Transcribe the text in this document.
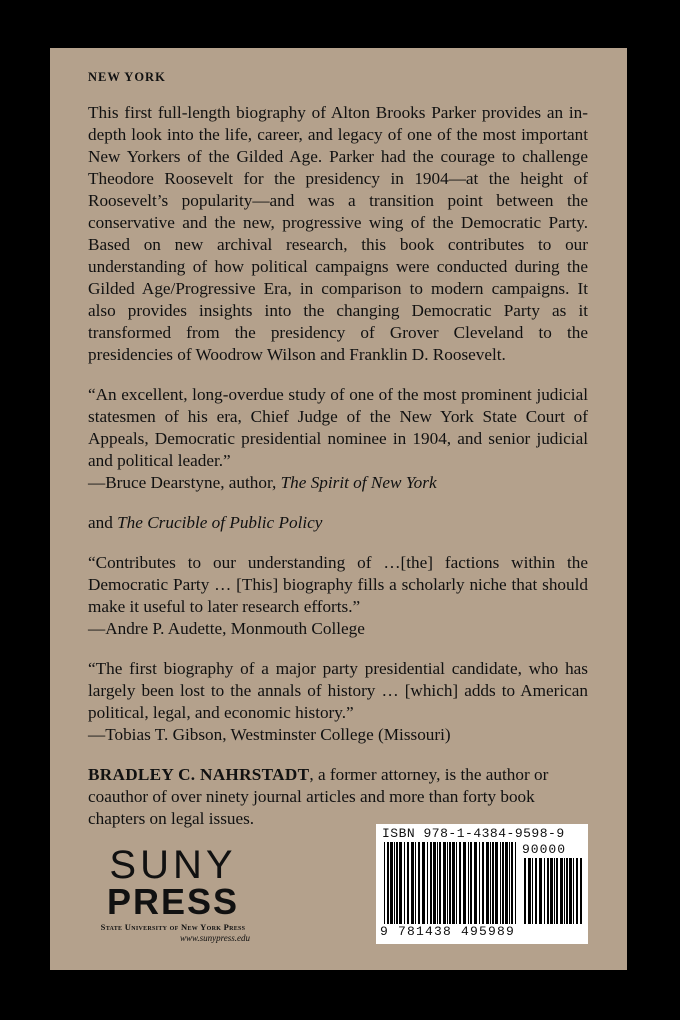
NEW YORK

This first full-length biography of Alton Brooks Parker provides an in-depth look into the life, career, and legacy of one of the most important New Yorkers of the Gilded Age. Parker had the courage to challenge Theodore Roosevelt for the presidency in 1904—at the height of Roosevelt’s popularity—and was a transition point between the conservative and the new, progressive wing of the Democratic Party. Based on new archival research, this book contributes to our understanding of how political campaigns were conducted during the Gilded Age/Progressive Era, in comparison to modern campaigns. It also provides insights into the changing Democratic Party as it transformed from the presidency of Grover Cleveland to the presidencies of Woodrow Wilson and Franklin D. Roosevelt.

“An excellent, long-overdue study of one of the most prominent judicial statesmen of his era, Chief Judge of the New York State Court of Appeals, Democratic presidential nominee in 1904, and senior judicial and political leader.”

—Bruce Dearstyne, author, The Spirit of New York

and The Crucible of Public Policy

“Contributes to our understanding of …[the] factions within the Democratic Party … [This] biography fills a scholarly niche that should make it useful to later research efforts.”

—Andre P. Audette, Monmouth College

“The first biography of a major party presidential candidate, who has largely been lost to the annals of history … [which] adds to American political, legal, and economic history.”

—Tobias T. Gibson, Westminster College (Missouri)

BRADLEY C. NAHRSTADT, a former attorney, is the author or coauthor of over ninety journal articles and more than forty book chapters on legal issues.

SUNY
PRESS
State University of New York Press
www.sunypress.edu
ISBN 978-1-4384-9598-9
90000
9 781438 495989
